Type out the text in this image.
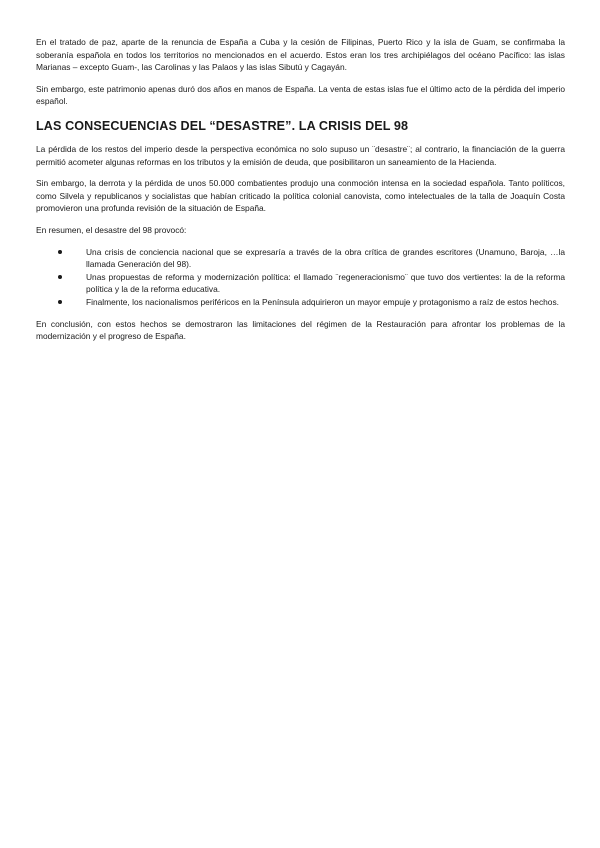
En el tratado de paz, aparte de la renuncia de España a Cuba y la cesión de Filipinas, Puerto Rico y la isla de Guam, se confirmaba la soberanía española en todos los territorios no mencionados en el acuerdo. Estos eran los tres archipiélagos del océano Pacífico: las islas Marianas – excepto Guam-, las Carolinas y las Palaos y las islas Sibutú y Cagayán.

Sin embargo, este patrimonio apenas duró dos años en manos de España. La venta de estas islas fue el último acto de la pérdida del imperio español.

LAS CONSECUENCIAS DEL “DESASTRE”. LA CRISIS DEL 98

La pérdida de los restos del imperio desde la perspectiva económica no solo supuso un ¨desastre¨; al contrario, la financiación de la guerra permitió acometer algunas reformas en los tributos y la emisión de deuda, que posibilitaron un saneamiento de la Hacienda.

Sin embargo, la derrota y la pérdida de unos 50.000 combatientes produjo una conmoción intensa en la sociedad española. Tanto políticos, como Silvela y republicanos y socialistas que habían criticado la política colonial canovista, como intelectuales de la talla de Joaquín Costa promovieron una profunda revisión de la situación de España.

En resumen, el desastre del 98 provocó:

Una crisis de conciencia nacional que se expresaría a través de la obra crítica de grandes escritores (Unamuno, Baroja, …la llamada Generación del 98).
Unas propuestas de reforma y modernización política: el llamado ¨regeneracionismo¨ que tuvo dos vertientes: la de la reforma política y la de la reforma educativa.
Finalmente, los nacionalismos periféricos en la Península adquirieron un mayor empuje y protagonismo a raíz de estos hechos.

En conclusión, con estos hechos se demostraron las limitaciones del régimen de la Restauración para afrontar los problemas de la modernización y el progreso de España.
